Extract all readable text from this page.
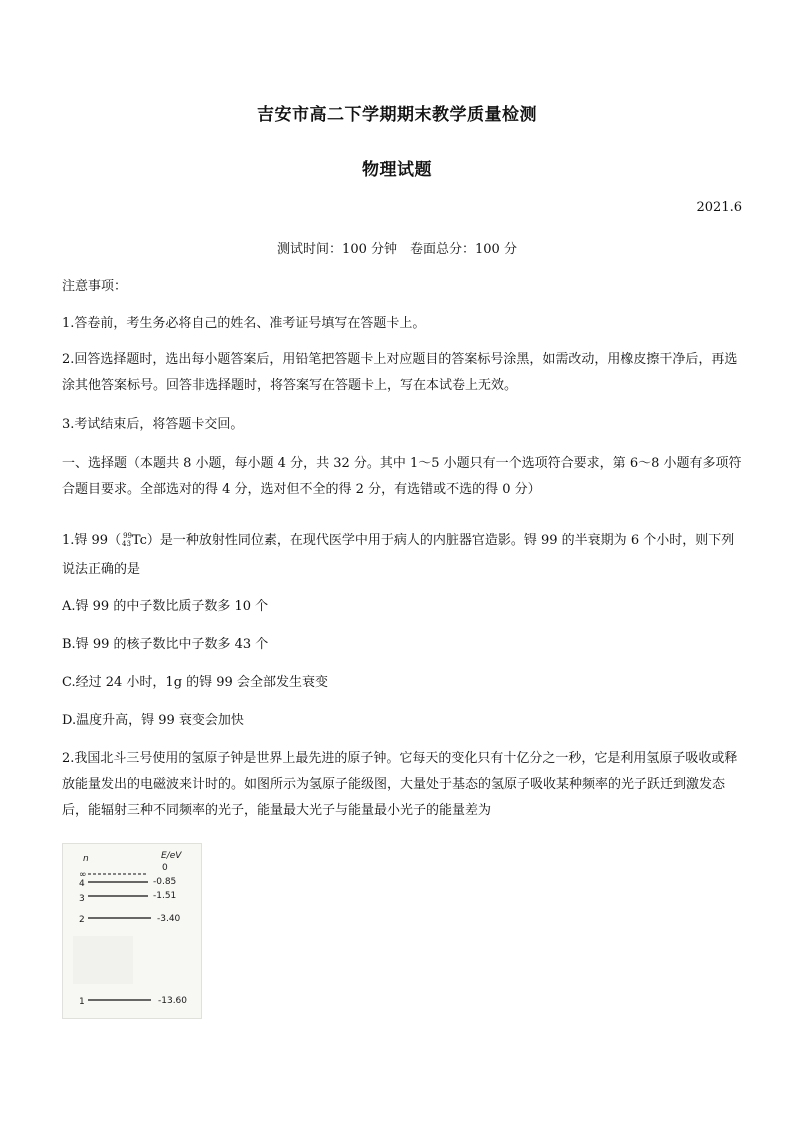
吉安市高二下学期期末教学质量检测
物理试题
2021.6
测试时间：100 分钟　卷面总分：100 分
注意事项：
1.答卷前，考生务必将自己的姓名、准考证号填写在答题卡上。
2.回答选择题时，选出每小题答案后，用铅笔把答题卡上对应题目的答案标号涂黑，如需改动，用橡皮擦干净后，再选涂其他答案标号。回答非选择题时，将答案写在答题卡上，写在本试卷上无效。
3.考试结束后，将答题卡交回。
一、选择题（本题共 8 小题，每小题 4 分，共 32 分。其中 1～5 小题只有一个选项符合要求，第 6～8 小题有多项符合题目要求。全部选对的得 4 分，选对但不全的得 2 分，有选错或不选的得 0 分）
1.锝 99（ $^{99}$43Tc）是一种放射性同位素，在现代医学中用于病人的内脏器官造影。锝 99 的半衰期为 6 个小时，则下列说法正确的是
A.锝 99 的中子数比质子数多 10 个
B.锝 99 的核子数比中子数多 43 个
C.经过 24 小时，1g 的锝 99 会全部发生衰变
D.温度升高，锝 99 衰变会加快
2.我国北斗三号使用的氢原子钟是世界上最先进的原子钟。它每天的变化只有十亿分之一秒，它是利用氢原子吸收或释放能量发出的电磁波来计时的。如图所示为氢原子能级图，大量处于基态的氢原子吸收某种频率的光子跃迁到激发态后，能辐射三种不同频率的光子，能量最大光子与能量最小光子的能量差为
n	E/eV
∞
0
4	-0.85
3	-1.51
2	-3.40
1	-13.60
